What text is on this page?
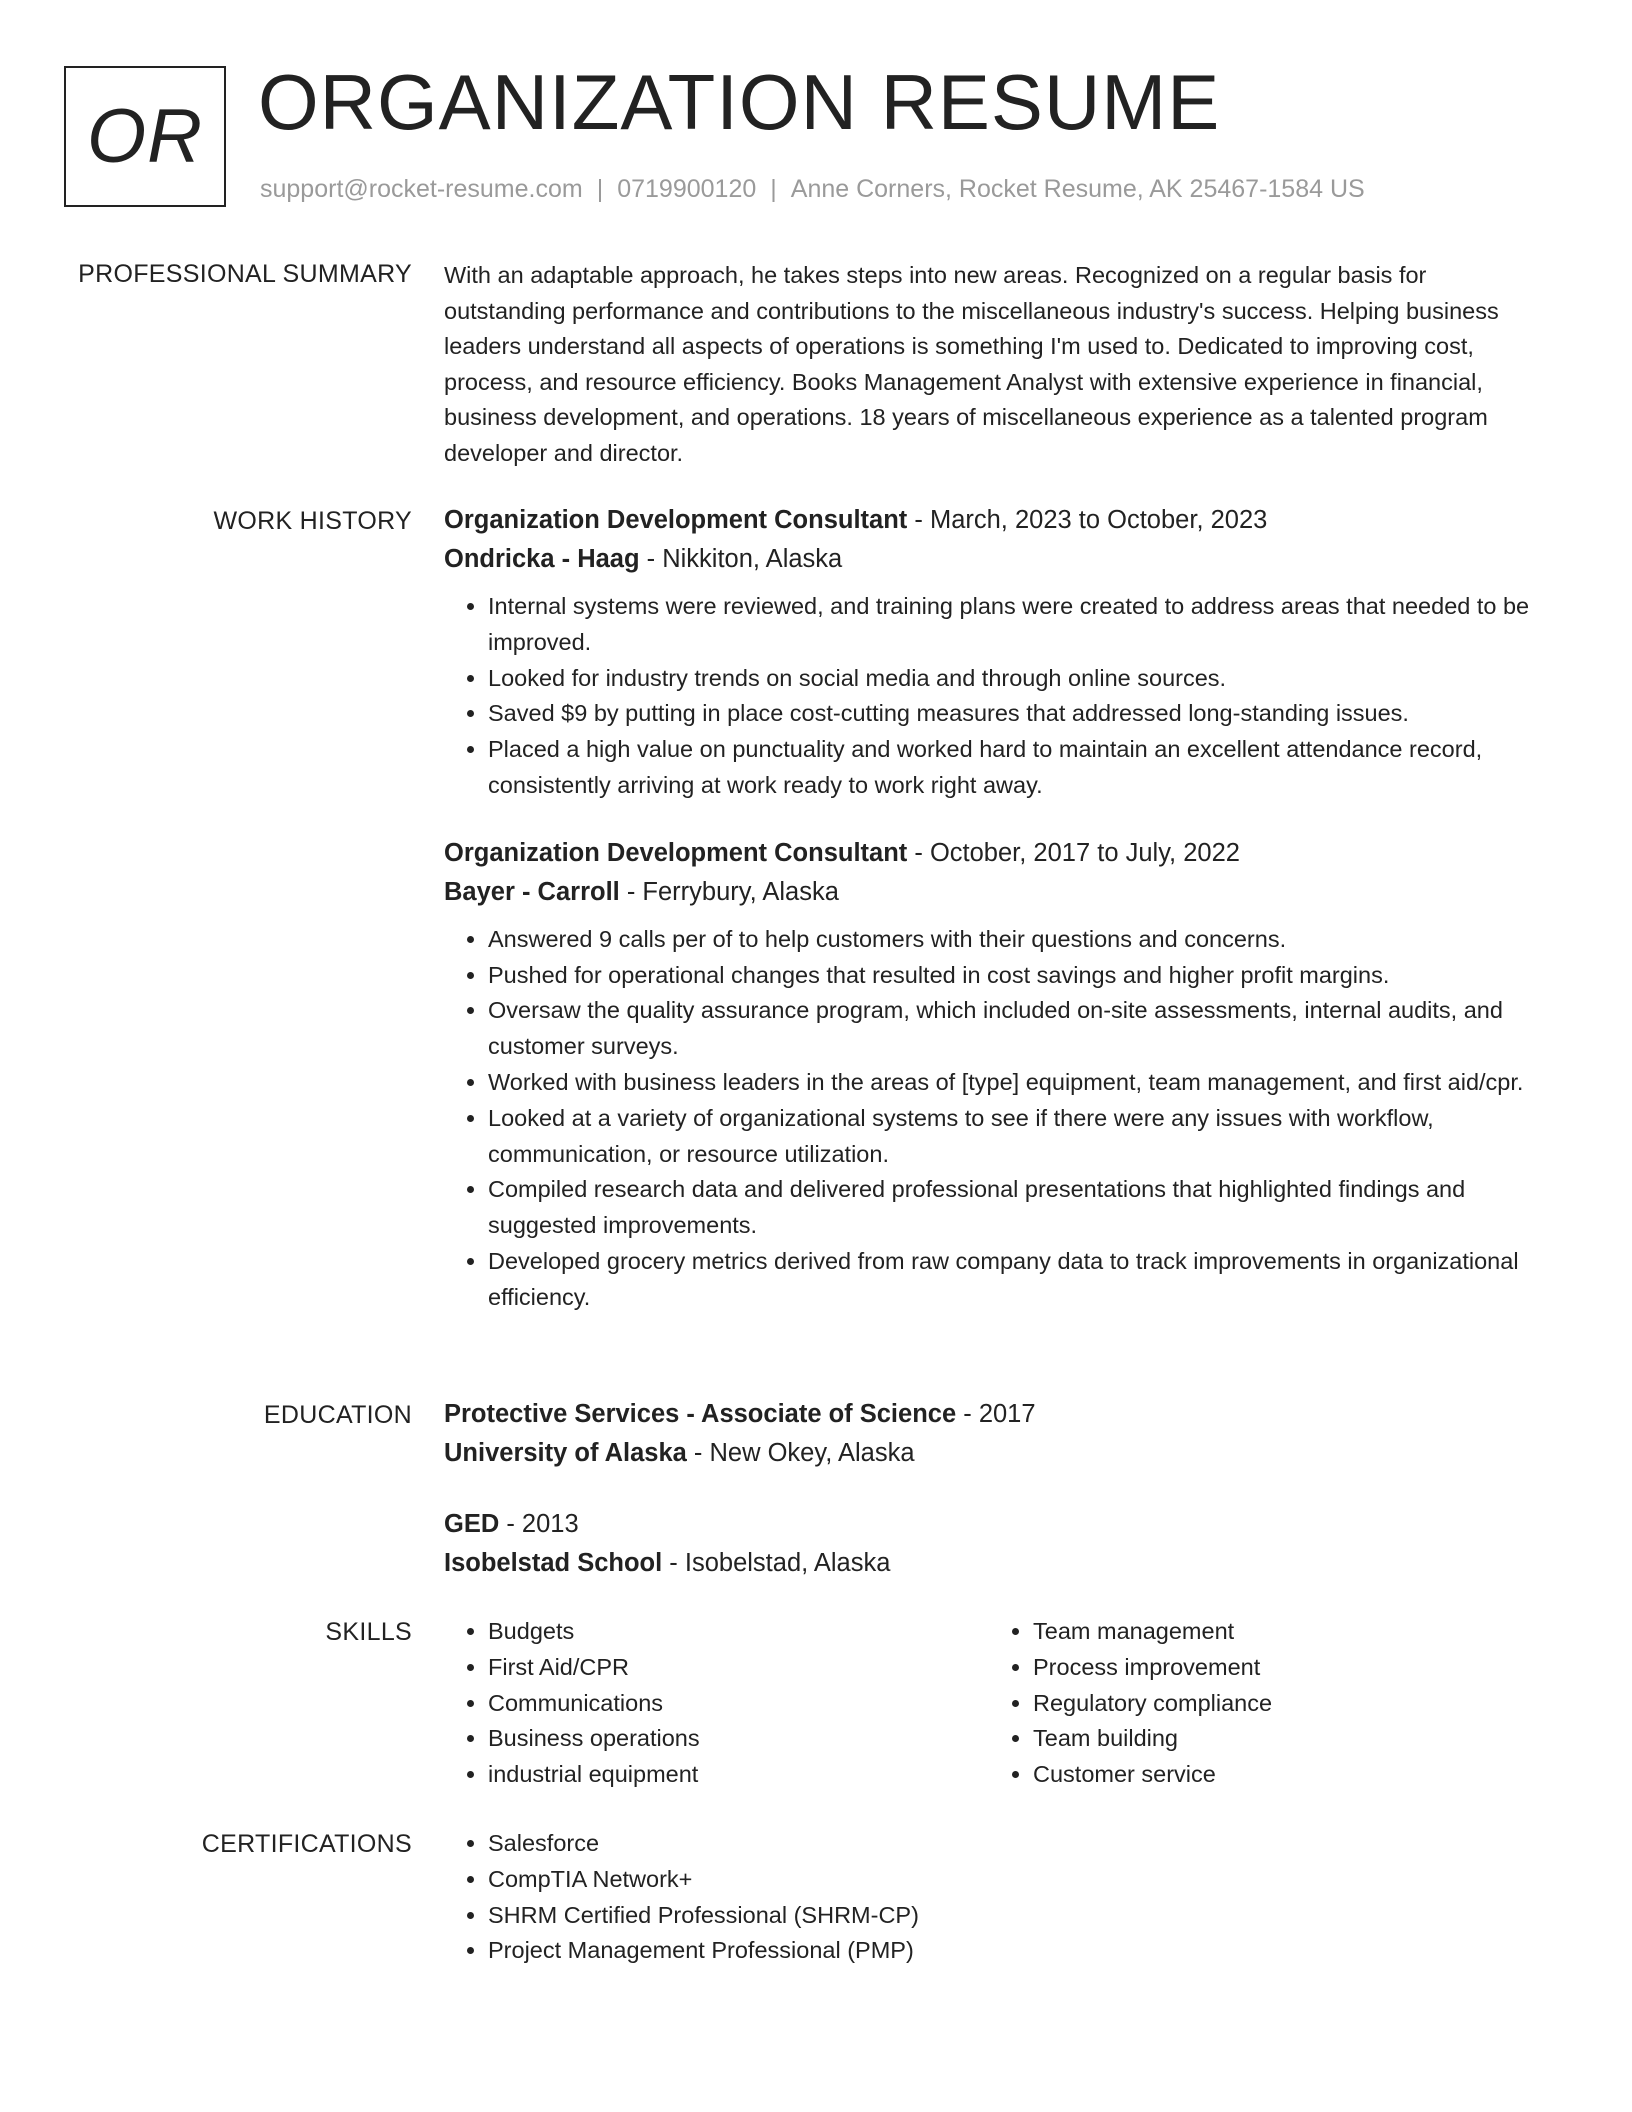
OR ORGANIZATION RESUME
support@rocket-resume.com | 0719900120 | Anne Corners, Rocket Resume, AK 25467-1584 US
PROFESSIONAL SUMMARY With an adaptable approach, he takes steps into new areas. Recognized on a regular basis for outstanding performance and contributions to the miscellaneous industry's success. Helping business leaders understand all aspects of operations is something I'm used to. Dedicated to improving cost, process, and resource efficiency. Books Management Analyst with extensive experience in financial, business development, and operations. 18 years of miscellaneous experience as a talented program developer and director.

WORK HISTORY Organization Development Consultant - March, 2023 to October, 2023
Ondricka - Haag - Nikkiton, Alaska
• Internal systems were reviewed, and training plans were created to address areas that needed to be improved.
• Looked for industry trends on social media and through online sources.
• Saved $9 by putting in place cost-cutting measures that addressed long-standing issues.
• Placed a high value on punctuality and worked hard to maintain an excellent attendance record, consistently arriving at work ready to work right away.
Organization Development Consultant - October, 2017 to July, 2022
Bayer - Carroll - Ferrybury, Alaska
• Answered 9 calls per of to help customers with their questions and concerns.
• Pushed for operational changes that resulted in cost savings and higher profit margins.
• Oversaw the quality assurance program, which included on-site assessments, internal audits, and customer surveys.
• Worked with business leaders in the areas of [type] equipment, team management, and first aid/cpr.
• Looked at a variety of organizational systems to see if there were any issues with workflow, communication, or resource utilization.
• Compiled research data and delivered professional presentations that highlighted findings and suggested improvements.
• Developed grocery metrics derived from raw company data to track improvements in organizational efficiency.
EDUCATION Protective Services - Associate of Science - 2017
University of Alaska - New Okey, Alaska
GED - 2013
Isobelstad School - Isobelstad, Alaska
SKILLS	• Budgets
• First Aid/CPR
• Communications
• Business operations
• industrial equipment
• Team management
• Process improvement
• Regulatory compliance
• Team building
• Customer service
CERTIFICATIONS	• Salesforce
• CompTIA Network+
• SHRM Certified Professional (SHRM-CP)
• Project Management Professional (PMP)
